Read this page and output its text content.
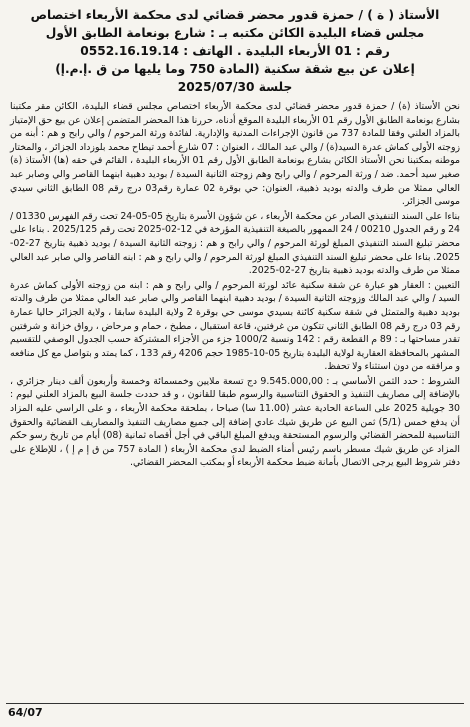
الأستاذ ( ة ) / حمزة قدور محضر قضائي لدى محكمة الأربعاء اختصاص
مجلس قضاء البليدة الكائن مكتبه بـ : شارع بونعامة الطابق الأول
رقم : 01 الأربعاء البليدة . الهاتف : 0552.16.19.14
إعلان عن بيع شقة سكنية (المادة 750 وما يليها من ق .إ.م.إ)
جلسة 2025/07/30

نحن الأستاذ (ة) / حمزة قدور محضر قضائي لدى محكمة الأربعاء اختصاص مجلس قضاء البليدة، الكائن مقر مكتبنا بشارع بونعامة الطابق الأول رقم 01 الأربعاء البليدة الموقع أدناه، حررنا هذا المحضر المتضمن إعلان عن بيع حق الإمتياز بالمزاد العلني وفقا للمادة 737 من قانون الإجراءات المدنية والإدارية. لفائدة ورثة المرحوم / والي رابح و هم : أبنه من زوجته الأولى كماش عدرة السيد(ة) / والي عبد المالك ، العنوان : 07 شارع أحمد تيطاح محمد بلوزداد الجزائر ، والمختار موطنه بمكتبنا نحن الأستاذ الكائن بشارع بونعامة الطابق الأول رقم 01 الأربعاء البليدة ، القائم في حقه (ها) الأستاذ (ة) صغير سيد أحمد. ضد / ورثة المرحوم / والي رابح وهم زوجته الثانية السيدة / بوديد دهبية ابنهما القاصر والي وصابر عبد العالي ممثلا من طرف والدته بوديد ذهبية، العنوان: حي بوقرة 02 عمارة رقم03 درج رقم 08 الطابق الثاني سيدي موسى الجزائر.

بناءا على السند التنفيذي الصادر عن محكمة الأربعاء ، عن شؤون الأسرة بتاريخ 05-05-24 تحت رقم الفهرس 01330 / 24 و رقم الجدول 00210 / 24 الممهور بالصيغة التنفيذية المؤرخة في 12-02-2025 تحت رقم 2025/125 . بناءا على محضر تبليغ السند التنفيذي المبلغ لورثة المرحوم / والي رابح و هم : زوجته الثانية السيدة / بوديد ذهبية بتاريخ 27-02-2025. بناءا على محضر تبليغ السند التنفيذي المبلغ لورثة المرحوم / والي رابح و هم : ابنه القاصر والي صابر عبد العالي ممثلا من طرف والدته بوديد ذهبية بتاريخ 27-02-2025.

التعيين : العقار هو عبارة عن شقة سكنية عائد لورثة المرحوم / والي رابح و هم : ابنه من زوجته الأولى كماش عدرة السيد / والي عبد المالك وزوجته الثانية السيدة / بوديد دهبية ابنهما القاصر والي صابر عبد العالي ممثلا من طرف والدته بوديد دهبية والمتمثل في شقة سكنية كائنة بسيدي موسى حي بوقرة 2 ولاية البليدة سابقا ، ولاية الجزائر حاليا عمارة رقم 03 درج رقم 08 الطابق الثاني تتكون من غرفتين، قاعة استقبال ، مطبخ ، حمام و مرحاض ، رواق خزانة و شرفتين تقدر مساحتها بـ : 89 م القطعة رقم : 142 ونسبة 1000/2 جزء من الأجزاء المشتركة حسب الجدول الوصفي للتقسيم المشهر بالمحافظة العقارية لولاية البليدة بتاريخ 05-10-1985 حجم 4206 رقم 133 ، كما يمتد و بتواصل مع كل منافعه و مرافقه من دون استثناء ولا تحفظ.

الشروط : حدد الثمن الأساسي بـ : 9.545.000,00 دج تسعة ملايين وخمسمائة وخمسة وأربعون ألف دينار جزائري ، بالإضافة إلى مصاريف التنفيذ و الحقوق التناسبية والرسوم طبقا للقانون ، و قد حددت جلسة البيع بالمزاد العلني ليوم : 30 جويلية 2025 على الساعة الحادية عشر (11.00 سا) صباحا ، بملحقة محكمة الأربعاء ، و على الراسي عليه المزاد أن يدفع خمس (5/1) ثمن البيع عن طريق شيك عادي إضافة إلى جميع مصاريف التنفيذ والمصاريف القضائية والحقوق التناسبية للمحضر القضائي والرسوم المستحقة ويدفع المبلغ الباقي في أجل أقصاه ثمانية (08) أيام من تاريخ رسو حكم المزاد عن طريق شيك مسطر باسم رئيس أمناء الضبط لدى محكمة الأربعاء ( المادة 757 من ق إ م إ ) ، للإطلاع على دفتر شروط البيع يرجى الاتصال بأمانة ضبط محكمة الأربعاء أو بمكتب المحضر القضائي.

64/07
